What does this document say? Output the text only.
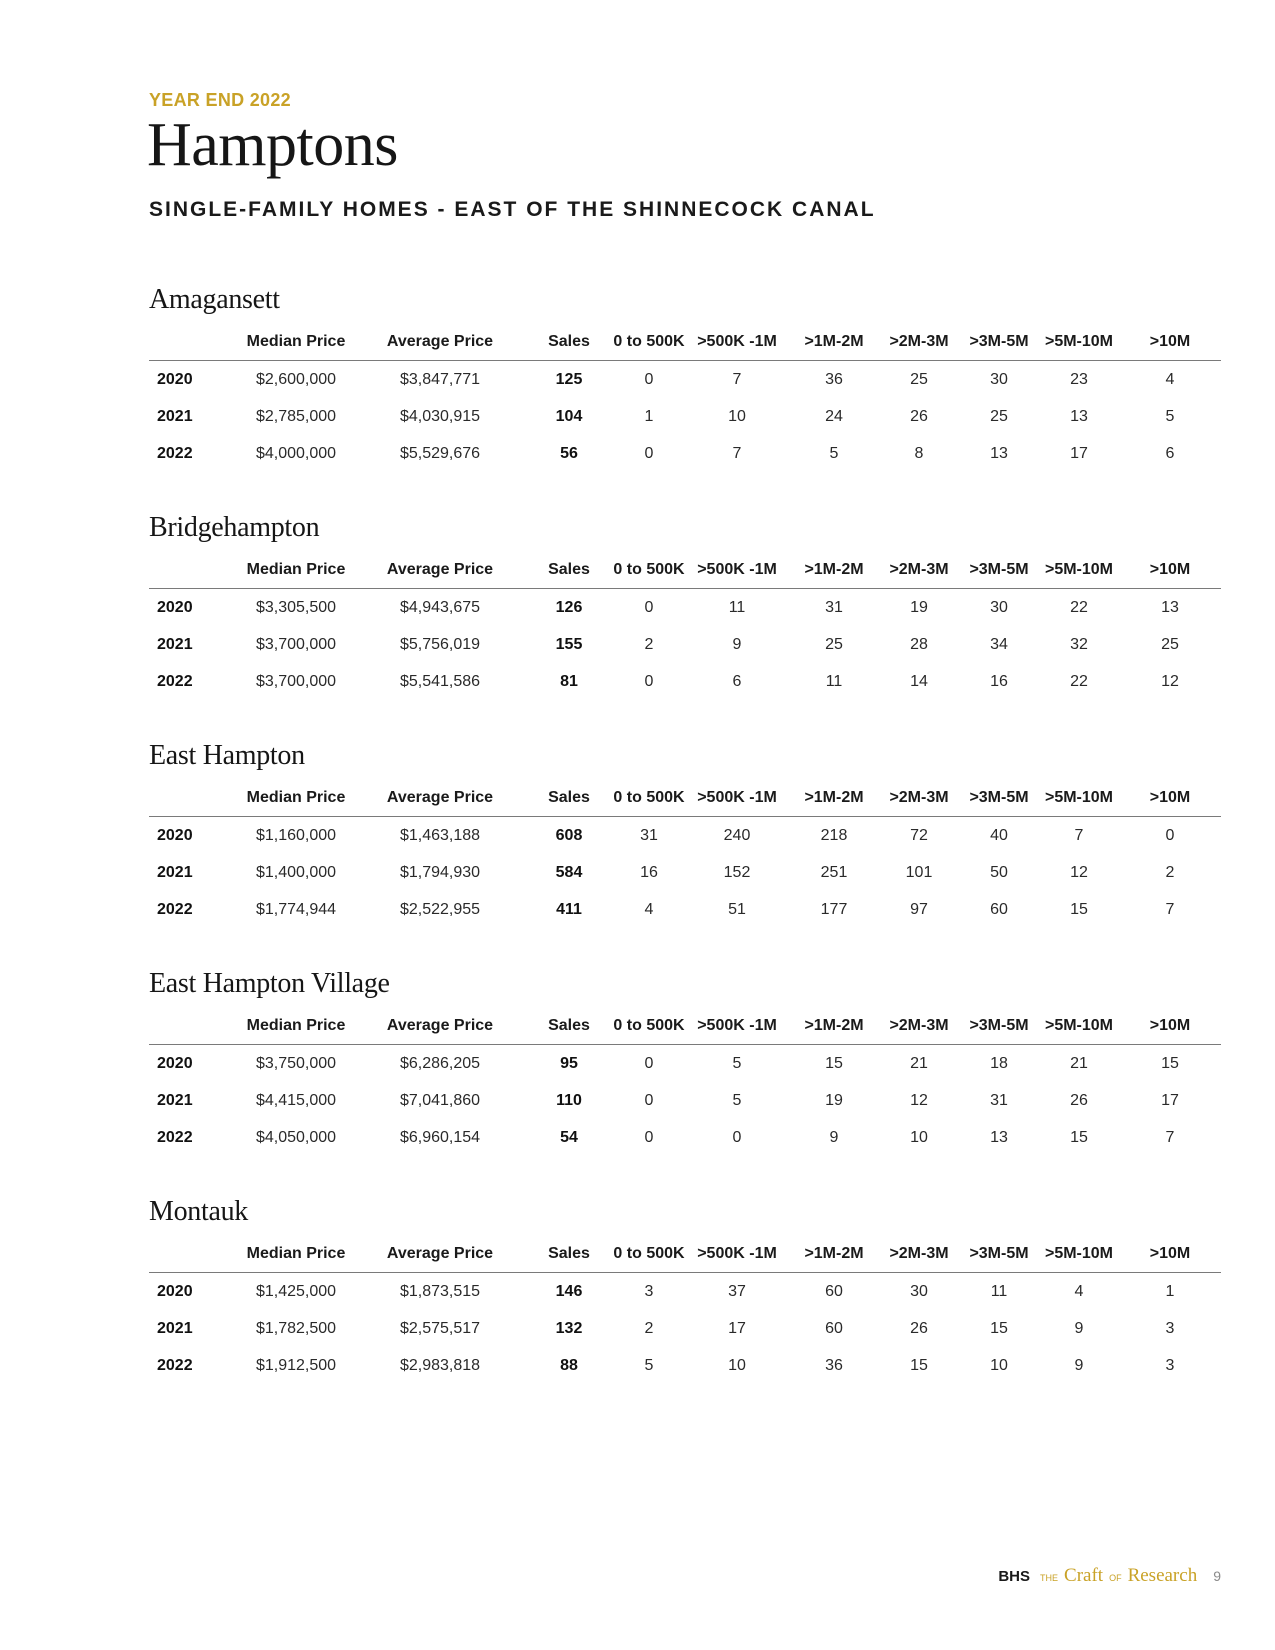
YEAR END 2022
Hamptons
SINGLE-FAMILY HOMES - EAST OF THE SHINNECOCK CANAL
Amagansett
	Median Price	Average Price	Sales	0 to 500K	>500K -1M	>1M-2M	>2M-3M	>3M-5M	>5M-10M	>10M
2020	$2,600,000	$3,847,771	125	0	7	36	25	30	23	4
2021	$2,785,000	$4,030,915	104	1	10	24	26	25	13	5
2022	$4,000,000	$5,529,676	56	0	7	5	8	13	17	6
Bridgehampton
	Median Price	Average Price	Sales	0 to 500K	>500K -1M	>1M-2M	>2M-3M	>3M-5M	>5M-10M	>10M
2020	$3,305,500	$4,943,675	126	0	11	31	19	30	22	13
2021	$3,700,000	$5,756,019	155	2	9	25	28	34	32	25
2022	$3,700,000	$5,541,586	81	0	6	11	14	16	22	12
East Hampton
	Median Price	Average Price	Sales	0 to 500K	>500K -1M	>1M-2M	>2M-3M	>3M-5M	>5M-10M	>10M
2020	$1,160,000	$1,463,188	608	31	240	218	72	40	7	0
2021	$1,400,000	$1,794,930	584	16	152	251	101	50	12	2
2022	$1,774,944	$2,522,955	411	4	51	177	97	60	15	7
East Hampton Village
	Median Price	Average Price	Sales	0 to 500K	>500K -1M	>1M-2M	>2M-3M	>3M-5M	>5M-10M	>10M
2020	$3,750,000	$6,286,205	95	0	5	15	21	18	21	15
2021	$4,415,000	$7,041,860	110	0	5	19	12	31	26	17
2022	$4,050,000	$6,960,154	54	0	0	9	10	13	15	7
Montauk
	Median Price	Average Price	Sales	0 to 500K	>500K -1M	>1M-2M	>2M-3M	>3M-5M	>5M-10M	>10M
2020	$1,425,000	$1,873,515	146	3	37	60	30	11	4	1
2021	$1,782,500	$2,575,517	132	2	17	60	26	15	9	3
2022	$1,912,500	$2,983,818	88	5	10	36	15	10	9	3
BHS THE Craft OF Research 9
